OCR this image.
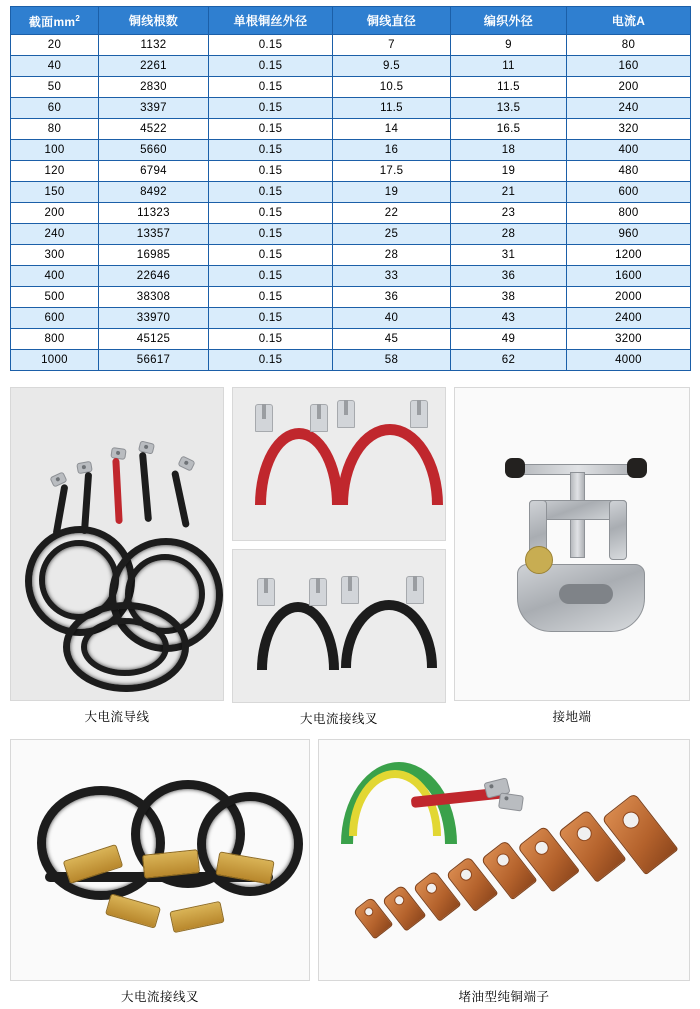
截面$mm^2$	铜线根数	单根铜丝外径	铜线直径	编织外径	电流A
20	1132	0.15	7	9	80
40	2261	0.15	9.5	11	160
50	2830	0.15	10.5	11.5	200
60	3397	0.15	11.5	13.5	240
80	4522	0.15	14	16.5	320
100	5660	0.15	16	18	400
120	6794	0.15	17.5	19	480
150	8492	0.15	19	21	600
200	11323	0.15	22	23	800
240	13357	0.15	25	28	960
300	16985	0.15	28	31	1200
400	22646	0.15	33	36	1600
500	38308	0.15	36	38	2000
600	33970	0.15	40	43	2400
800	45125	0.15	45	49	3200
1000	56617	0.15	58	62	4000
大电流导线	大电流接线叉	接地端
大电流接线叉	堵油型纯铜端子
